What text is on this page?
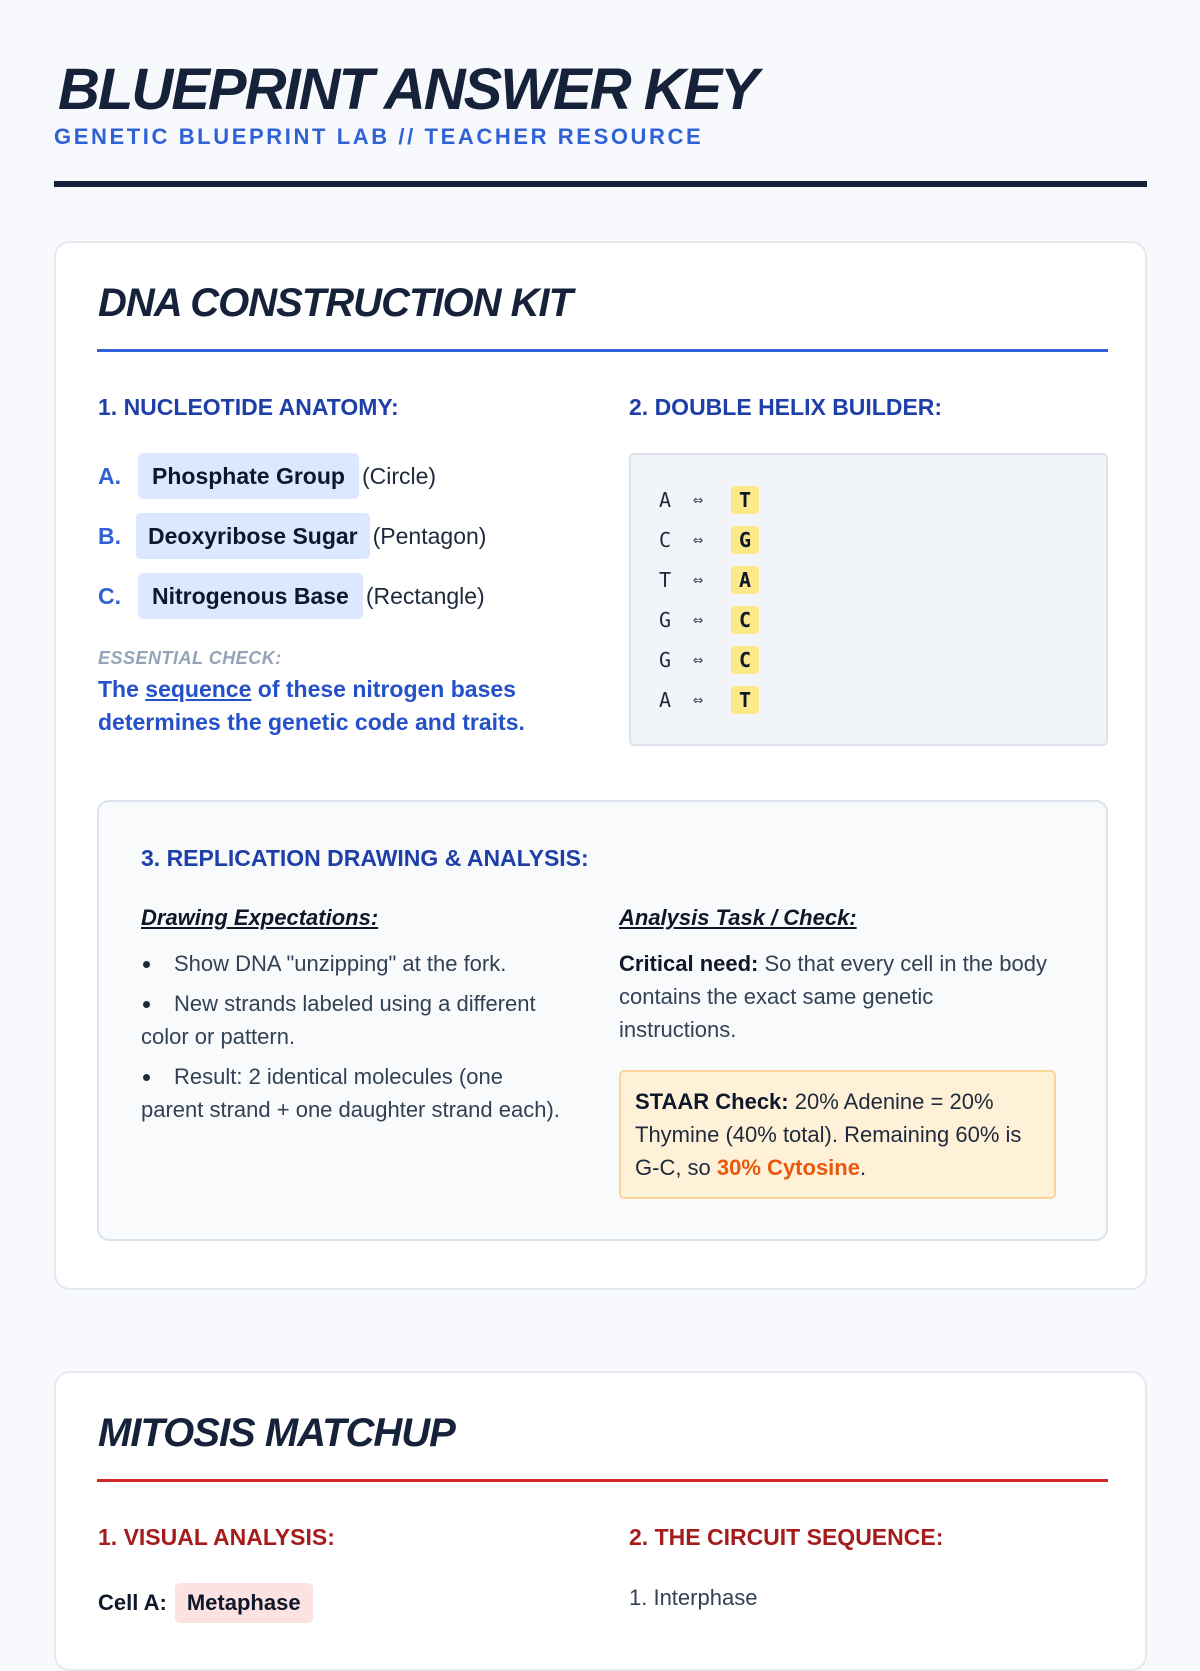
BLUEPRINT ANSWER KEY
GENETIC BLUEPRINT LAB // TEACHER RESOURCE
DNA CONSTRUCTION KIT
1. NUCLEOTIDE ANATOMY:
A.	Phosphate Group (Circle)
B.	Deoxyribose Sugar (Pentagon)
C.	Nitrogenous Base (Rectangle)
ESSENTIAL CHECK:

The sequence of these nitrogen bases determines the genetic code and traits.

2. DOUBLE HELIX BUILDER:
A	⇔	T
C	⇔	G
T	⇔	A
G	⇔	C
G	⇔	C
A	⇔	T
3. REPLICATION DRAWING & ANALYSIS:
Drawing Expectations:
Show DNA "unzipping" at the fork.
New strands labeled using a different color or pattern.
Result: 2 identical molecules (one parent strand + one daughter strand each).
Analysis Task / Check:

Critical need: So that every cell in the body contains the exact same genetic instructions.

STAAR Check: 20% Adenine = 20% Thymine (40% total). Remaining 60% is G-C, so 30% Cytosine.
MITOSIS MATCHUP
1. VISUAL ANALYSIS:
Cell A: Metaphase
2. THE CIRCUIT SEQUENCE:
1. Interphase
